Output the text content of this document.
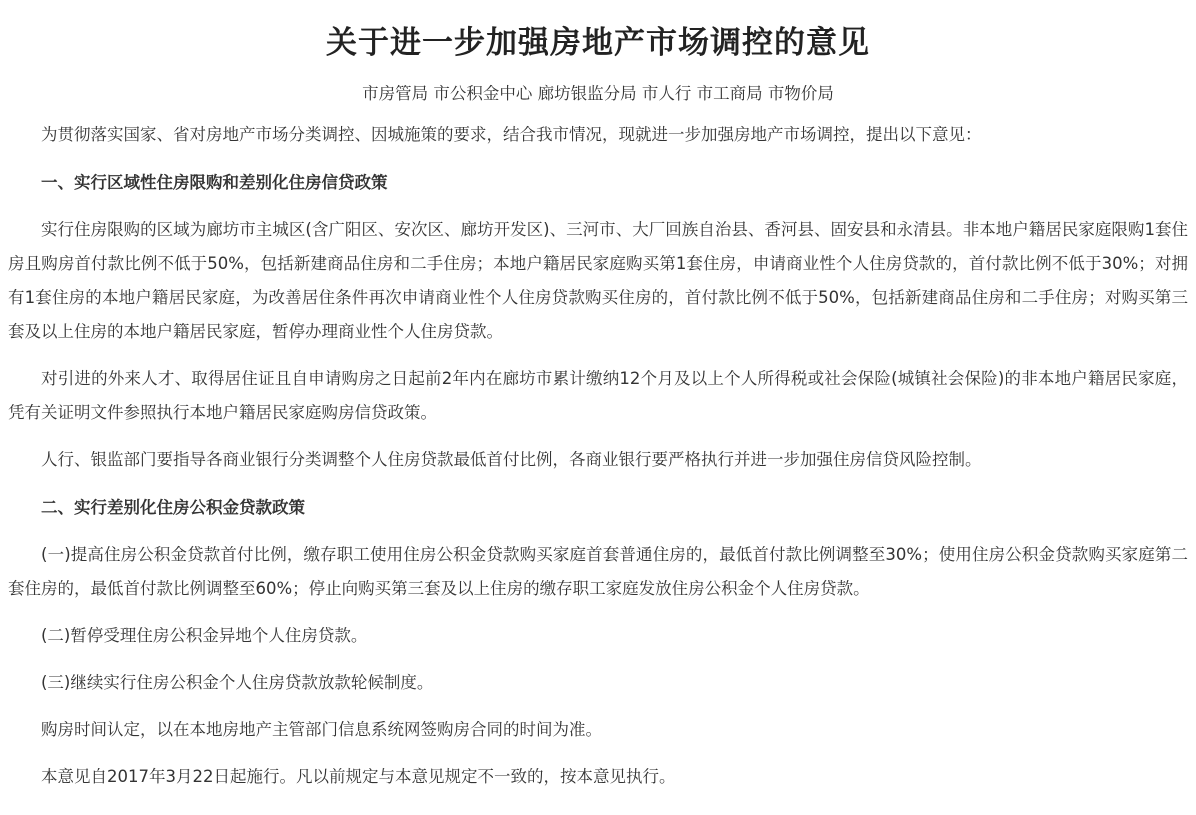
关于进一步加强房地产市场调控的意见

市房管局 市公积金中心 廊坊银监分局 市人行 市工商局 市物价局

为贯彻落实国家、省对房地产市场分类调控、因城施策的要求，结合我市情况，现就进一步加强房地产市场调控，提出以下意见：

一、实行区域性住房限购和差别化住房信贷政策

实行住房限购的区域为廊坊市主城区(含广阳区、安次区、廊坊开发区)、三河市、大厂回族自治县、香河县、固安县和永清县。非本地户籍居民家庭限购1套住房且购房首付款比例不低于50%，包括新建商品住房和二手住房；本地户籍居民家庭购买第1套住房，申请商业性个人住房贷款的，首付款比例不低于30%；对拥有1套住房的本地户籍居民家庭，为改善居住条件再次申请商业性个人住房贷款购买住房的，首付款比例不低于50%，包括新建商品住房和二手住房；对购买第三套及以上住房的本地户籍居民家庭，暂停办理商业性个人住房贷款。

对引进的外来人才、取得居住证且自申请购房之日起前2年内在廊坊市累计缴纳12个月及以上个人所得税或社会保险(城镇社会保险)的非本地户籍居民家庭，凭有关证明文件参照执行本地户籍居民家庭购房信贷政策。

人行、银监部门要指导各商业银行分类调整个人住房贷款最低首付比例，各商业银行要严格执行并进一步加强住房信贷风险控制。

二、实行差别化住房公积金贷款政策

(一)提高住房公积金贷款首付比例，缴存职工使用住房公积金贷款购买家庭首套普通住房的，最低首付款比例调整至30%；使用住房公积金贷款购买家庭第二套住房的，最低首付款比例调整至60%；停止向购买第三套及以上住房的缴存职工家庭发放住房公积金个人住房贷款。

(二)暂停受理住房公积金异地个人住房贷款。

(三)继续实行住房公积金个人住房贷款放款轮候制度。

购房时间认定，以在本地房地产主管部门信息系统网签购房合同的时间为准。

本意见自2017年3月22日起施行。凡以前规定与本意见规定不一致的，按本意见执行。
